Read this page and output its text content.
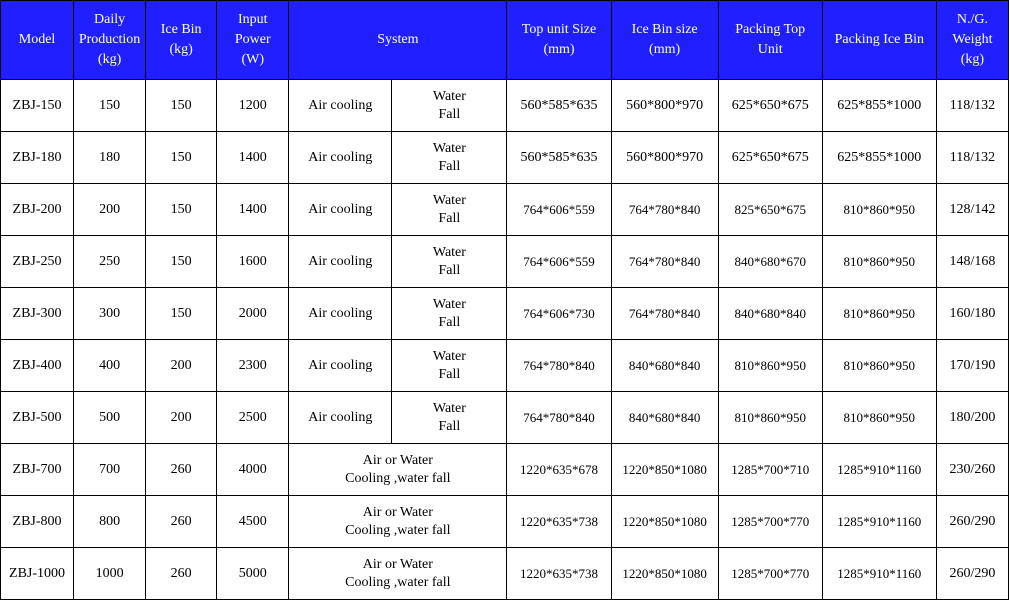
Model	Daily
Production
(kg)	Ice Bin
(kg)	Input
Power
(W)	System		Top unit Size
(mm)	Ice Bin size
(mm)	Packing Top
Unit	Packing Ice Bin	N./G.
Weight
(kg)
ZBJ-150	150	150	1200	Air cooling	Water
Fall	560*585*635	560*800*970	625*650*675	625*855*1000	118/132
ZBJ-180	180	150	1400	Air cooling	Water
Fall	560*585*635	560*800*970	625*650*675	625*855*1000	118/132
ZBJ-200	200	150	1400	Air cooling	Water
Fall	764*606*559	764*780*840	825*650*675	810*860*950	128/142
ZBJ-250	250	150	1600	Air cooling	Water
Fall	764*606*559	764*780*840	840*680*670	810*860*950	148/168
ZBJ-300	300	150	2000	Air cooling	Water
Fall	764*606*730	764*780*840	840*680*840	810*860*950	160/180
ZBJ-400	400	200	2300	Air cooling	Water
Fall	764*780*840	840*680*840	810*860*950	810*860*950	170/190
ZBJ-500	500	200	2500	Air cooling	Water
Fall	764*780*840	840*680*840	810*860*950	810*860*950	180/200
ZBJ-700	700	260	4000	Air or Water
Cooling ,water fall		1220*635*678	1220*850*1080	1285*700*710	1285*910*1160	230/260
ZBJ-800	800	260	4500	Air or Water
Cooling ,water fall		1220*635*738	1220*850*1080	1285*700*770	1285*910*1160	260/290
ZBJ-1000	1000	260	5000	Air or Water
Cooling ,water fall		1220*635*738	1220*850*1080	1285*700*770	1285*910*1160	260/290
